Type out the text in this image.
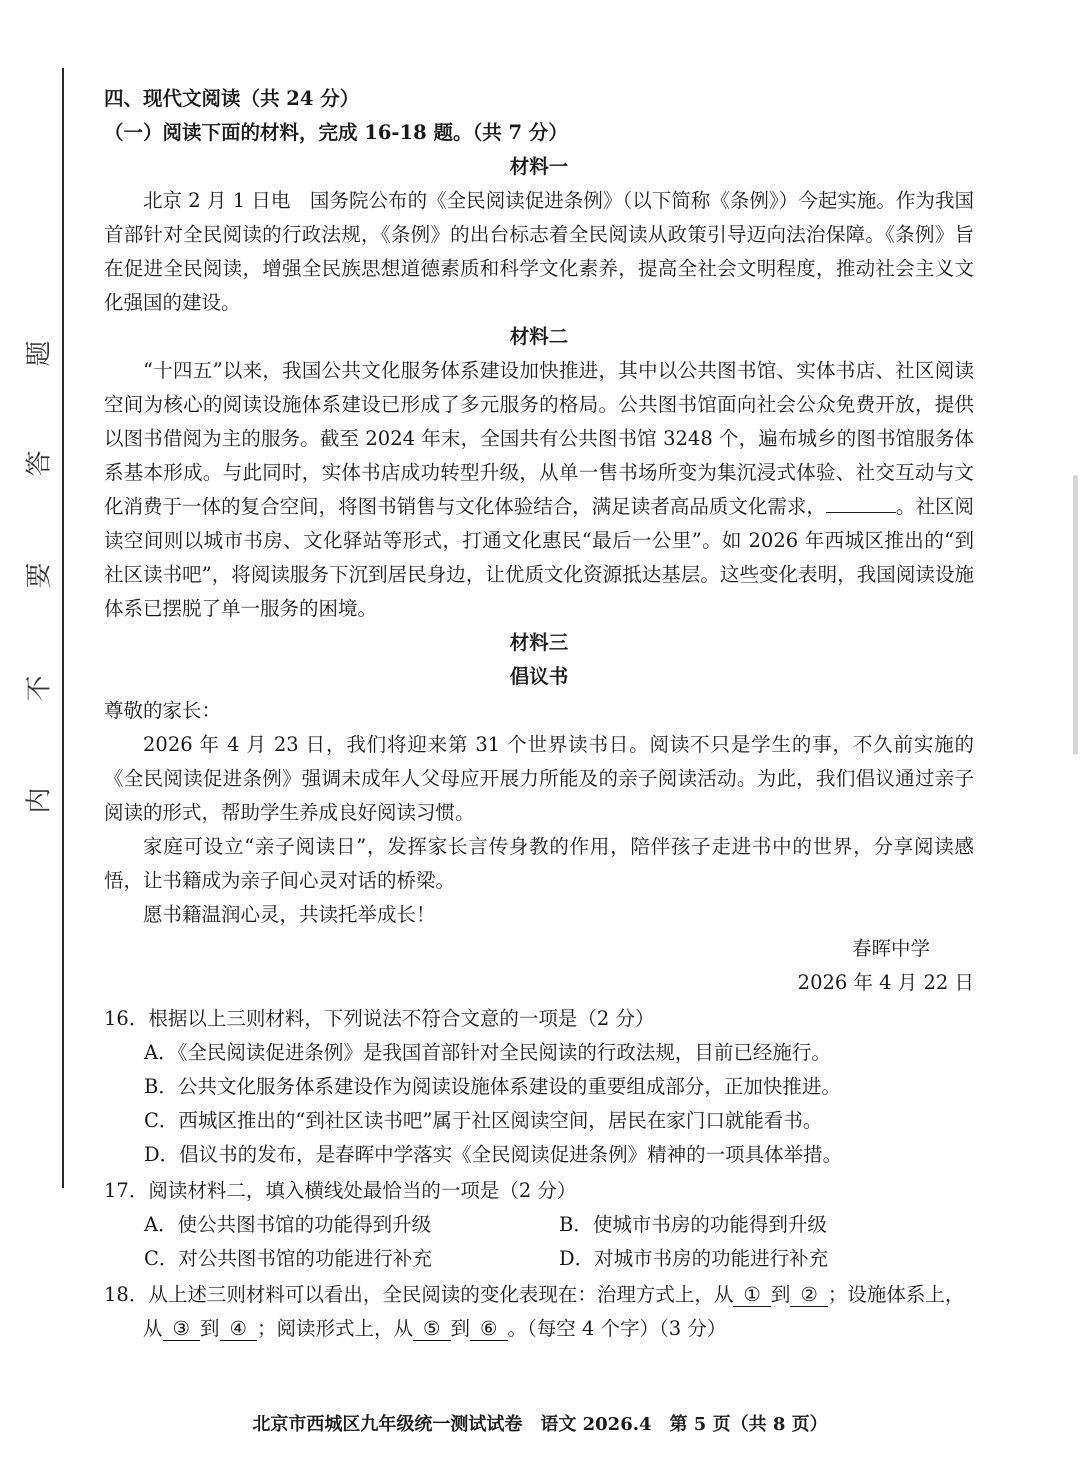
题
答
要
不
内
四、现代文阅读（共 24 分）
（一）阅读下面的材料，完成 16-18 题。（共 7 分）
材料一
北京 2 月 1 日电　国务院公布的《全民阅读促进条例》（以下简称《条例》）今起实施。作为我国首部针对全民阅读的行政法规，《条例》的出台标志着全民阅读从政策引导迈向法治保障。《条例》旨在促进全民阅读，增强全民族思想道德素质和科学文化素养，提高全社会文明程度，推动社会主义文化强国的建设。
材料二
“十四五”以来，我国公共文化服务体系建设加快推进，其中以公共图书馆、实体书店、社区阅读空间为核心的阅读设施体系建设已形成了多元服务的格局。公共图书馆面向社会公众免费开放，提供以图书借阅为主的服务。截至 2024 年末，全国共有公共图书馆 3248 个，遍布城乡的图书馆服务体系基本形成。与此同时，实体书店成功转型升级，从单一售书场所变为集沉浸式体验、社交互动与文化消费于一体的复合空间，将图书销售与文化体验结合，满足读者高品质文化需求，	。社区阅读空间则以城市书房、文化驿站等形式，打通文化惠民“最后一公里”。如 2026 年西城区推出的“到社区读书吧”，将阅读服务下沉到居民身边，让优质文化资源抵达基层。这些变化表明，我国阅读设施体系已摆脱了单一服务的困境。
材料三
倡议书
尊敬的家长：
2026 年 4 月 23 日，我们将迎来第 31 个世界读书日。阅读不只是学生的事，不久前实施的《全民阅读促进条例》强调未成年人父母应开展力所能及的亲子阅读活动。为此，我们倡议通过亲子阅读的形式，帮助学生养成良好阅读习惯。
家庭可设立“亲子阅读日”，发挥家长言传身教的作用，陪伴孩子走进书中的世界，分享阅读感悟，让书籍成为亲子间心灵对话的桥梁。
愿书籍温润心灵，共读托举成长！
春晖中学
2026 年 4 月 22 日
16．根据以上三则材料，下列说法不符合文意的一项是（2 分）
A．《全民阅读促进条例》是我国首部针对全民阅读的行政法规，目前已经施行。
B．公共文化服务体系建设作为阅读设施体系建设的重要组成部分，正加快推进。
C．西城区推出的“到社区读书吧”属于社区阅读空间，居民在家门口就能看书。
D．倡议书的发布，是春晖中学落实《全民阅读促进条例》精神的一项具体举措。
17．阅读材料二，填入横线处最恰当的一项是（2 分）
A．使公共图书馆的功能得到升级	B．使城市书房的功能得到升级
C．对公共图书馆的功能进行补充	D．对城市书房的功能进行补充
18．从上述三则材料可以看出，全民阅读的变化表现在：治理方式上，从 ① 到 ② ；设施体系上，从 ③ 到 ④ ；阅读形式上，从 ⑤ 到 ⑥ 。（每空 4 个字）（3 分）
北京市西城区九年级统一测试试卷　语文 2026.4　第 5 页（共 8 页）
